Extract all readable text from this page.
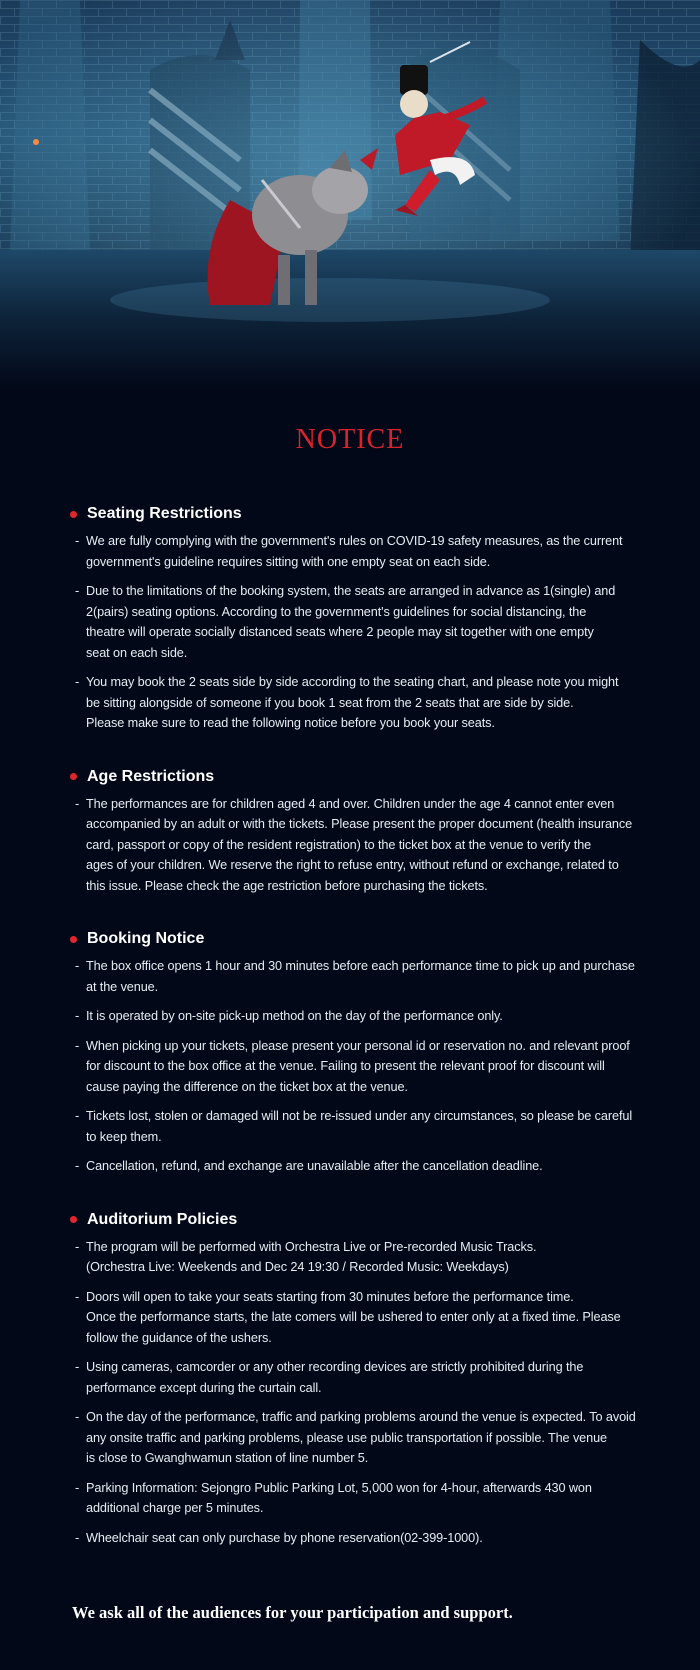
NOTICE
Seating Restrictions
- We are fully complying with the government's rules on COVID-19 safety measures, as the current
government's guideline requires sitting with one empty seat on each side.
- Due to the limitations of the booking system, the seats are arranged in advance as 1(single) and
2(pairs) seating options. According to the government's guidelines for social distancing, the
theatre will operate socially distanced seats where 2 people may sit together with one empty
seat on each side.
- You may book the 2 seats side by side according to the seating chart, and please note you might
be sitting alongside of someone if you book 1 seat from the 2 seats that are side by side.
Please make sure to read the following notice before you book your seats.
Age Restrictions
- The performances are for children aged 4 and over. Children under the age 4 cannot enter even
accompanied by an adult or with the tickets. Please present the proper document (health insurance
card, passport or copy of the resident registration) to the ticket box at the venue to verify the
ages of your children. We reserve the right to refuse entry, without refund or exchange, related to
this issue. Please check the age restriction before purchasing the tickets.
Booking Notice
- The box office opens 1 hour and 30 minutes before each performance time to pick up and purchase
at the venue.
- It is operated by on-site pick-up method on the day of the performance only.
- When picking up your tickets, please present your personal id or reservation no. and relevant proof
for discount to the box office at the venue. Failing to present the relevant proof for discount will
cause paying the difference on the ticket box at the venue.
- Tickets lost, stolen or damaged will not be re-issued under any circumstances, so please be careful
to keep them.
- Cancellation, refund, and exchange are unavailable after the cancellation deadline.
Auditorium Policies
- The program will be performed with Orchestra Live or Pre-recorded Music Tracks.
(Orchestra Live: Weekends and Dec 24 19:30 / Recorded Music: Weekdays)
- Doors will open to take your seats starting from 30 minutes before the performance time.
Once the performance starts, the late comers will be ushered to enter only at a fixed time. Please
follow the guidance of the ushers.
- Using cameras, camcorder or any other recording devices are strictly prohibited during the
performance except during the curtain call.
- On the day of the performance, traffic and parking problems around the venue is expected. To avoid
any onsite traffic and parking problems, please use public transportation if possible. The venue
is close to Gwanghwamun station of line number 5.
- Parking Information: Sejongro Public Parking Lot, 5,000 won for 4-hour, afterwards 430 won
additional charge per 5 minutes.
- Wheelchair seat can only purchase by phone reservation(02-399-1000).

We ask all of the audiences for your participation and support.
